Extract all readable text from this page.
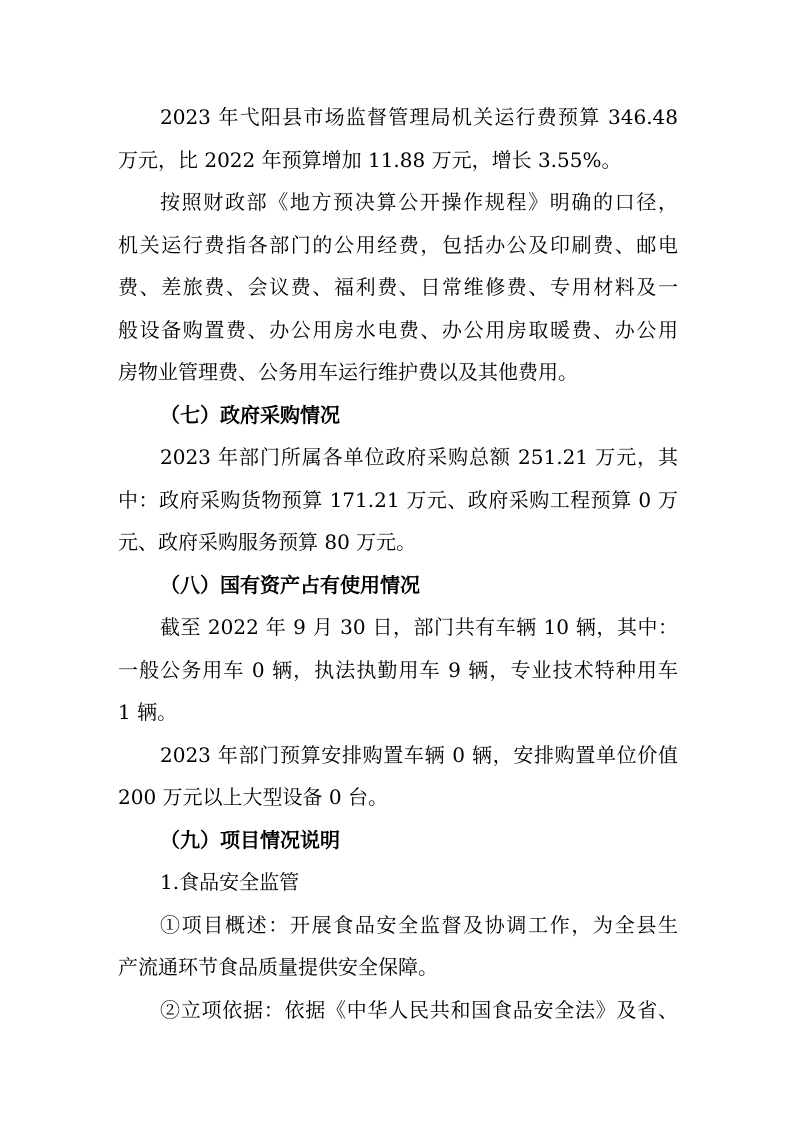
2023 年弋阳县市场监督管理局机关运行费预算 346.48
万元，比 2022 年预算增加 11.88 万元，增长 3.55%。
按照财政部《地方预决算公开操作规程》明确的口径，
机关运行费指各部门的公用经费，包括办公及印刷费、邮电
费、差旅费、会议费、福利费、日常维修费、专用材料及一
般设备购置费、办公用房水电费、办公用房取暖费、办公用
房物业管理费、公务用车运行维护费以及其他费用。
（七）政府采购情况
2023 年部门所属各单位政府采购总额 251.21 万元，其
中：政府采购货物预算 171.21 万元、政府采购工程预算 0 万
元、政府采购服务预算 80 万元。
（八）国有资产占有使用情况
截至 2022 年 9 月 30 日，部门共有车辆 10 辆，其中：
一般公务用车 0 辆，执法执勤用车 9 辆，专业技术特种用车
1 辆。
2023 年部门预算安排购置车辆 0 辆，安排购置单位价值
200 万元以上大型设备 0 台。
（九）项目情况说明
1.食品安全监管
①项目概述：开展食品安全监督及协调工作，为全县生
产流通环节食品质量提供安全保障。
②立项依据：依据《中华人民共和国食品安全法》及省、
